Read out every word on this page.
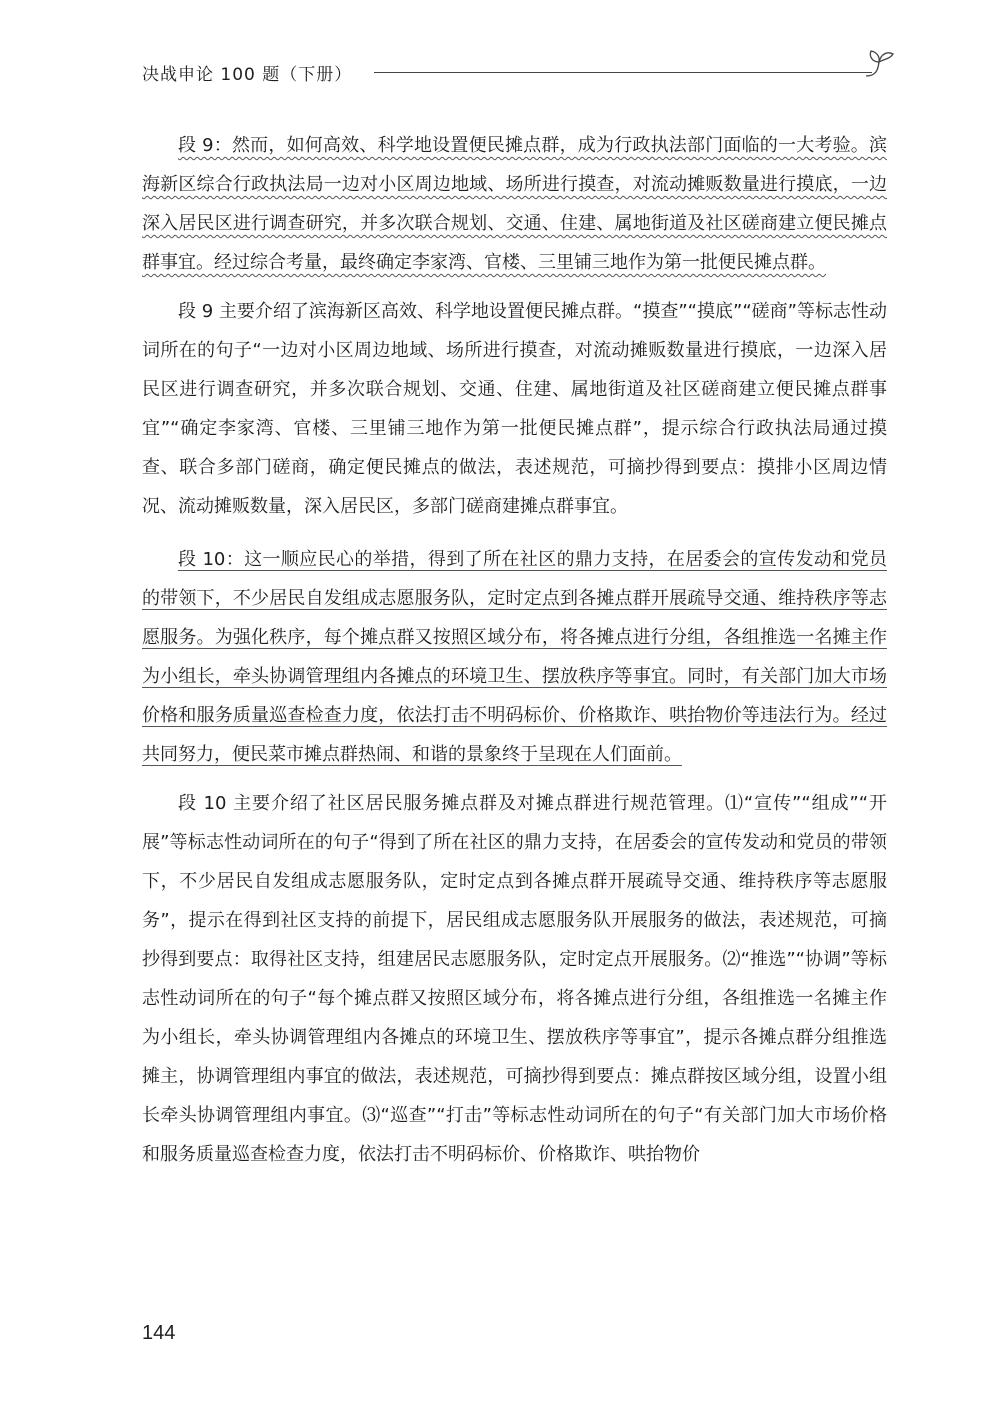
决战申论 100 题（下册）

段 9：然而，如何高效、科学地设置便民摊点群，成为行政执法部门面临的一大考验。滨海新区综合行政执法局一边对小区周边地域、场所进行摸查，对流动摊贩数量进行摸底，一边深入居民区进行调查研究，并多次联合规划、交通、住建、属地街道及社区磋商建立便民摊点群事宜。经过综合考量，最终确定李家湾、官楼、三里铺三地作为第一批便民摊点群。

段 9 主要介绍了滨海新区高效、科学地设置便民摊点群。“摸查”“摸底”“磋商”等标志性动词所在的句子“一边对小区周边地域、场所进行摸查，对流动摊贩数量进行摸底，一边深入居民区进行调查研究，并多次联合规划、交通、住建、属地街道及社区磋商建立便民摊点群事宜”“确定李家湾、官楼、三里铺三地作为第一批便民摊点群”，提示综合行政执法局通过摸查、联合多部门磋商，确定便民摊点的做法，表述规范，可摘抄得到要点：摸排小区周边情况、流动摊贩数量，深入居民区，多部门磋商建摊点群事宜。

段 10：这一顺应民心的举措，得到了所在社区的鼎力支持，在居委会的宣传发动和党员的带领下，不少居民自发组成志愿服务队，定时定点到各摊点群开展疏导交通、维持秩序等志愿服务。为强化秩序，每个摊点群又按照区域分布，将各摊点进行分组，各组推选一名摊主作为小组长，牵头协调管理组内各摊点的环境卫生、摆放秩序等事宜。同时，有关部门加大市场价格和服务质量巡查检查力度，依法打击不明码标价、价格欺诈、哄抬物价等违法行为。经过共同努力，便民菜市摊点群热闹、和谐的景象终于呈现在人们面前。

段 10 主要介绍了社区居民服务摊点群及对摊点群进行规范管理。⑴“宣传”“组成”“开展”等标志性动词所在的句子“得到了所在社区的鼎力支持，在居委会的宣传发动和党员的带领下，不少居民自发组成志愿服务队，定时定点到各摊点群开展疏导交通、维持秩序等志愿服务”，提示在得到社区支持的前提下，居民组成志愿服务队开展服务的做法，表述规范，可摘抄得到要点：取得社区支持，组建居民志愿服务队，定时定点开展服务。⑵“推选”“协调”等标志性动词所在的句子“每个摊点群又按照区域分布，将各摊点进行分组，各组推选一名摊主作为小组长，牵头协调管理组内各摊点的环境卫生、摆放秩序等事宜”，提示各摊点群分组推选摊主，协调管理组内事宜的做法，表述规范，可摘抄得到要点：摊点群按区域分组，设置小组长牵头协调管理组内事宜。⑶“巡查”“打击”等标志性动词所在的句子“有关部门加大市场价格和服务质量巡查检查力度，依法打击不明码标价、价格欺诈、哄抬物价

144
